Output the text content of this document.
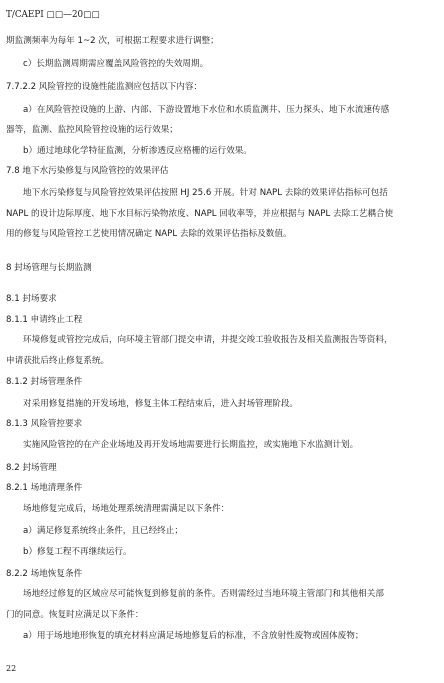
T/CAEPI □□—20□□
期监测频率为每年 1~2 次，可根据工程要求进行调整；
c）长期监测周期需应覆盖风险管控的失效周期。
7.7.2.2 风险管控的设施性能监测应包括以下内容：
a）在风险管控设施的上游、内部、下游设置地下水位和水质监测井、压力探头、地下水流速传感
器等，监测、监控风险管控设施的运行效果；
b）通过地球化学特征监测，分析渗透反应格栅的运行效果。
7.8 地下水污染修复与风险管控的效果评估
地下水污染修复与风险管控效果评估按照 HJ 25.6 开展。针对 NAPL 去除的效果评估指标可包括
NAPL 的设计边际厚度、地下水目标污染物浓度、NAPL 回收率等，并应根据与 NAPL 去除工艺耦合使
用的修复与风险管控工艺使用情况确定 NAPL 去除的效果评估指标及数值。
8 封场管理与长期监测
8.1 封场要求
8.1.1 申请终止工程
环境修复或管控完成后，向环境主管部门提交申请，并提交竣工验收报告及相关监测报告等资料，
申请获批后终止修复系统。
8.1.2 封场管理条件
对采用修复措施的开发场地，修复主体工程结束后，进入封场管理阶段。
8.1.3 风险管控要求
实施风险管控的在产企业场地及再开发场地需要进行长期监控，或实施地下水监测计划。
8.2 封场管理
8.2.1 场地清理条件
场地修复完成后，场地处理系统清理需满足以下条件：
a）满足修复系统终止条件，且已经终止；
b）修复工程不再继续运行。
8.2.2 场地恢复条件
场地经过修复的区域应尽可能恢复到修复前的条件。否则需经过当地环境主管部门和其他相关部
门的同意。恢复时应满足以下条件：
a）用于场地地形恢复的填充材料应满足场地修复后的标准，不含放射性废物或固体废物；
22
